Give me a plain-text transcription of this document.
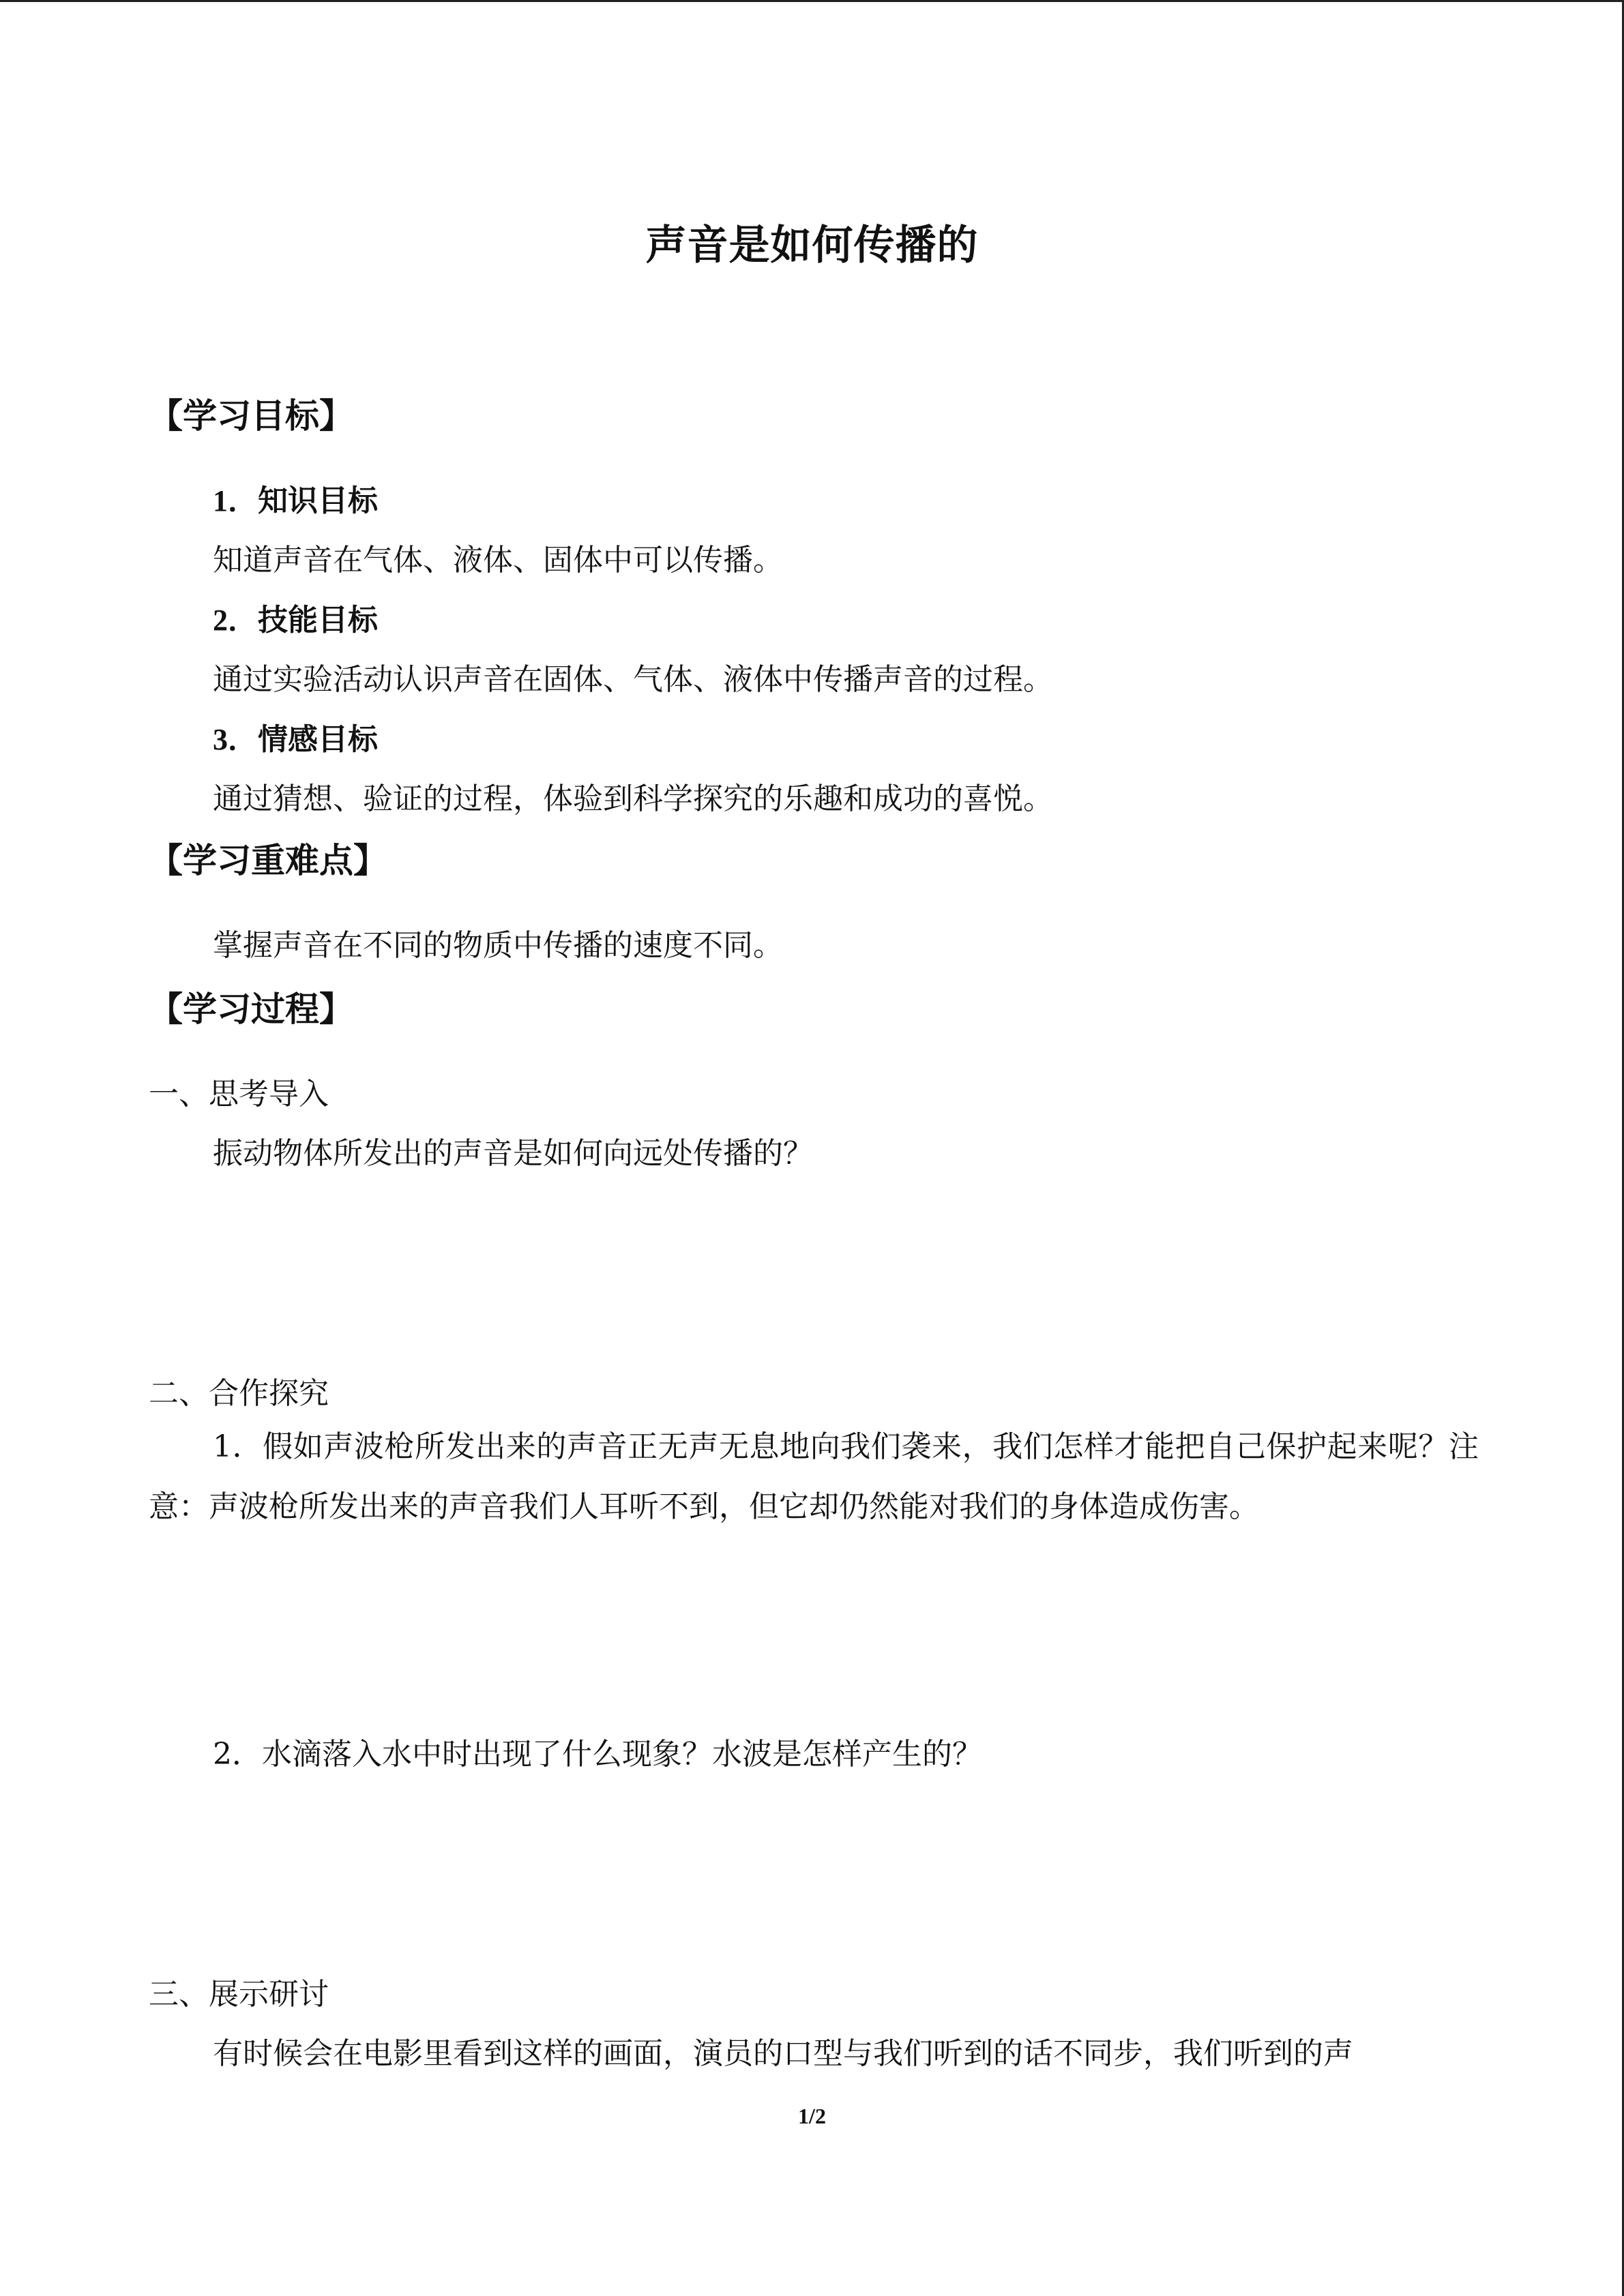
声音是如何传播的
【学习目标】
1．知识目标
知道声音在气体、液体、固体中可以传播。
2．技能目标
通过实验活动认识声音在固体、气体、液体中传播声音的过程。
3．情感目标
通过猜想、验证的过程，体验到科学探究的乐趣和成功的喜悦。
【学习重难点】
掌握声音在不同的物质中传播的速度不同。
【学习过程】
一、思考导入
振动物体所发出的声音是如何向远处传播的？
二、合作探究
1．假如声波枪所发出来的声音正无声无息地向我们袭来，我们怎样才能把自己保护起来呢？注意：声波枪所发出来的声音我们人耳听不到，但它却仍然能对我们的身体造成伤害。
2．水滴落入水中时出现了什么现象？水波是怎样产生的？
三、展示研讨
有时候会在电影里看到这样的画面，演员的口型与我们听到的话不同步，我们听到的声
1/2
